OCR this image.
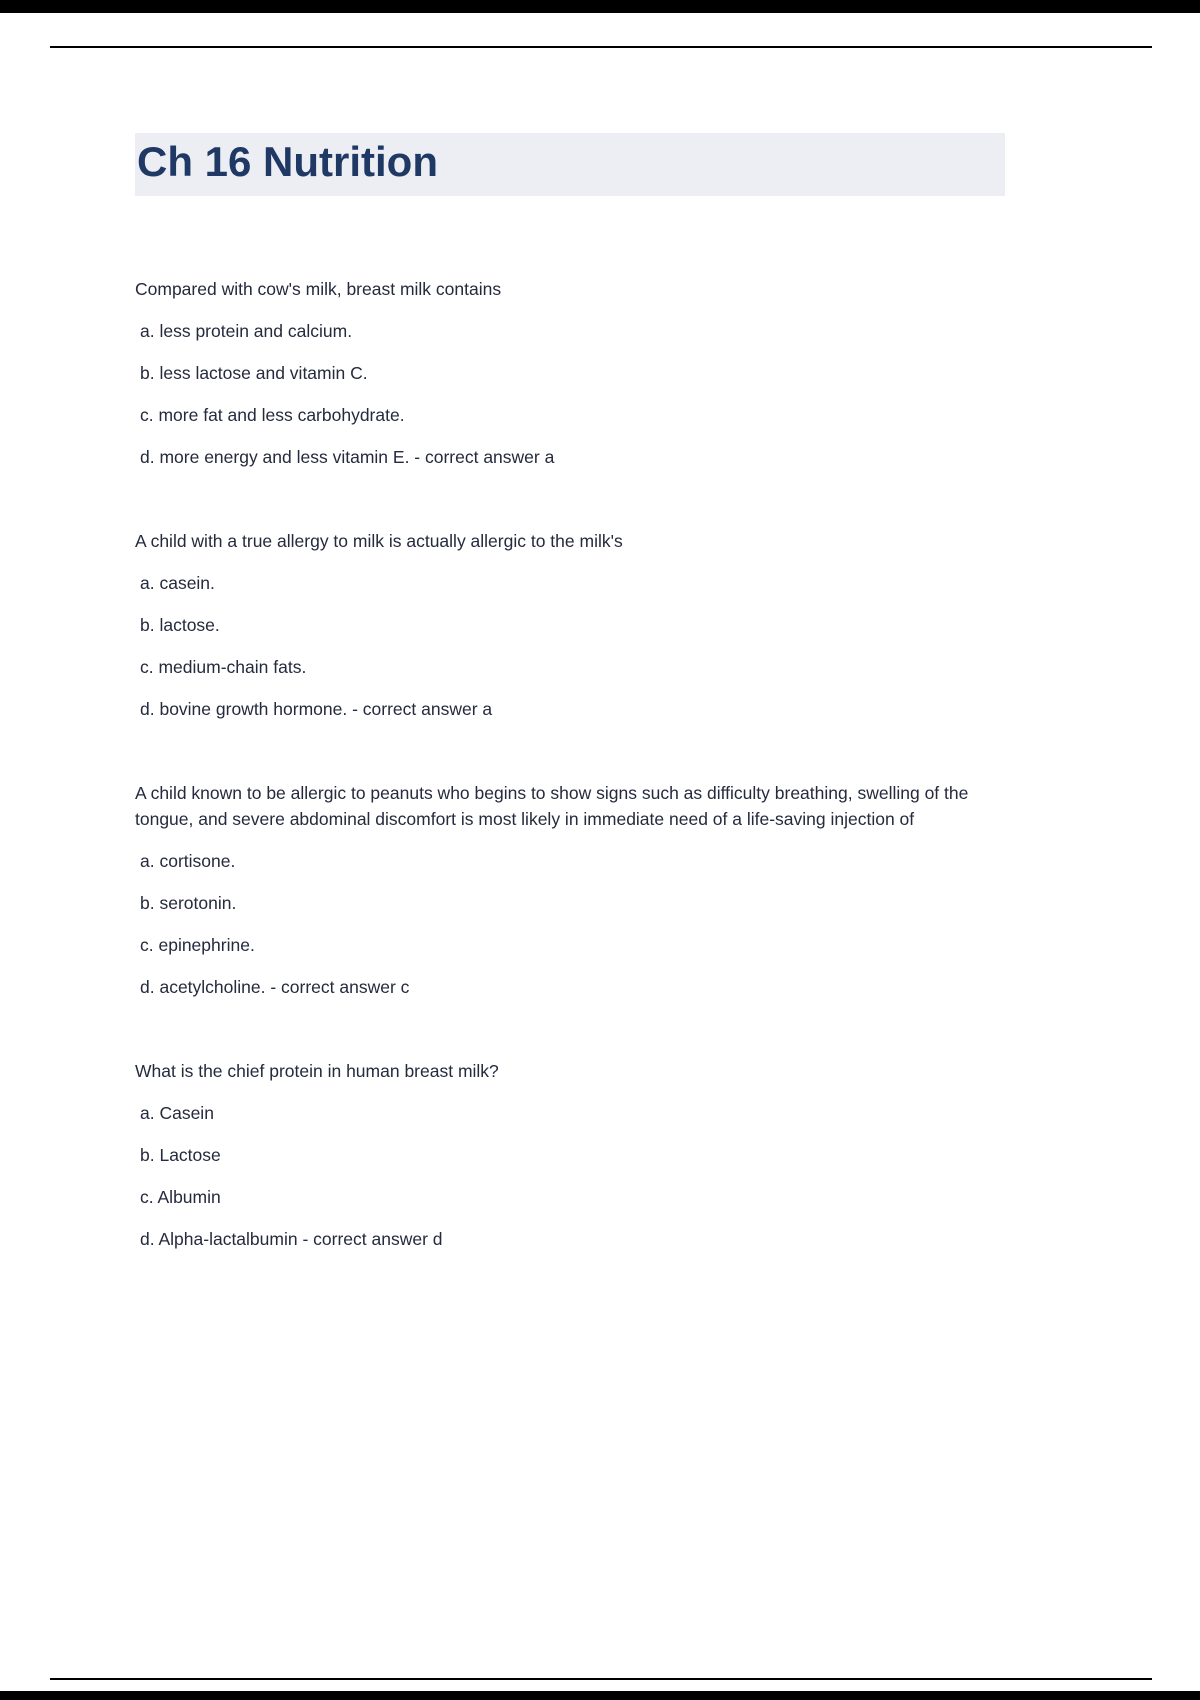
Ch 16 Nutrition

Compared with cow's milk, breast milk contains

a. less protein and calcium.

b. less lactose and vitamin C.

c. more fat and less carbohydrate.

d. more energy and less vitamin E. - correct answer a

A child with a true allergy to milk is actually allergic to the milk's

a. casein.

b. lactose.

c. medium-chain fats.

d. bovine growth hormone. - correct answer a

A child known to be allergic to peanuts who begins to show signs such as difficulty breathing, swelling of the tongue, and severe abdominal discomfort is most likely in immediate need of a life-saving injection of

a. cortisone.

b. serotonin.

c. epinephrine.

d. acetylcholine. - correct answer c

What is the chief protein in human breast milk?

a. Casein

b. Lactose

c. Albumin

d. Alpha-lactalbumin - correct answer d
